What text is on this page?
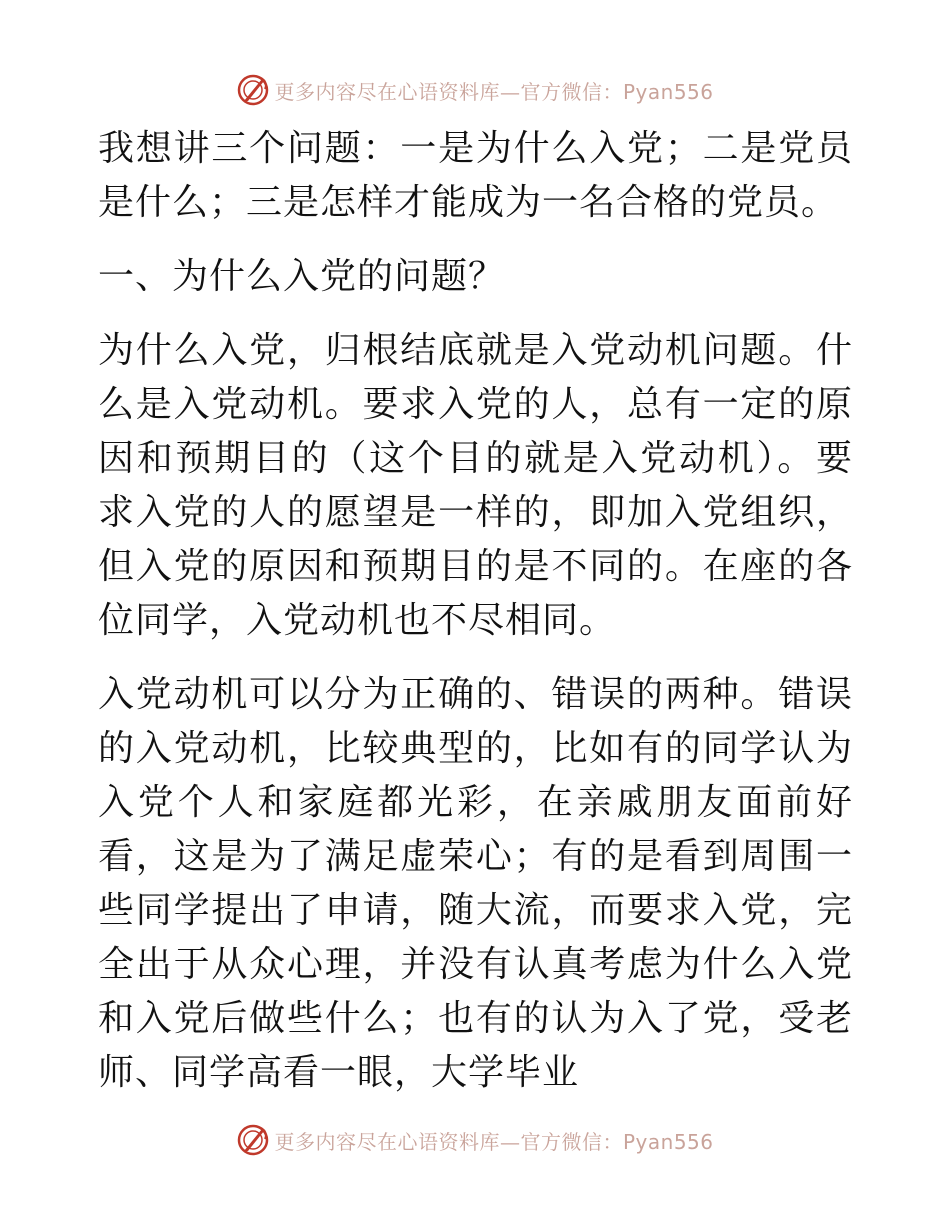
更多内容尽在心语资料库—官方微信：Pyan556

我想讲三个问题：一是为什么入党；二是党员是什么；三是怎样才能成为一名合格的党员。

一、为什么入党的问题？

为什么入党，归根结底就是入党动机问题。什么是入党动机。要求入党的人，总有一定的原因和预期目的（这个目的就是入党动机）。要求入党的人的愿望是一样的，即加入党组织，但入党的原因和预期目的是不同的。在座的各位同学，入党动机也不尽相同。

入党动机可以分为正确的、错误的两种。错误的入党动机，比较典型的，比如有的同学认为入党个人和家庭都光彩，在亲戚朋友面前好看，这是为了满足虚荣心；有的是看到周围一些同学提出了申请，随大流，而要求入党，完全出于从众心理，并没有认真考虑为什么入党和入党后做些什么；也有的认为入了党，受老师、同学高看一眼，大学毕业

更多内容尽在心语资料库—官方微信：Pyan556
